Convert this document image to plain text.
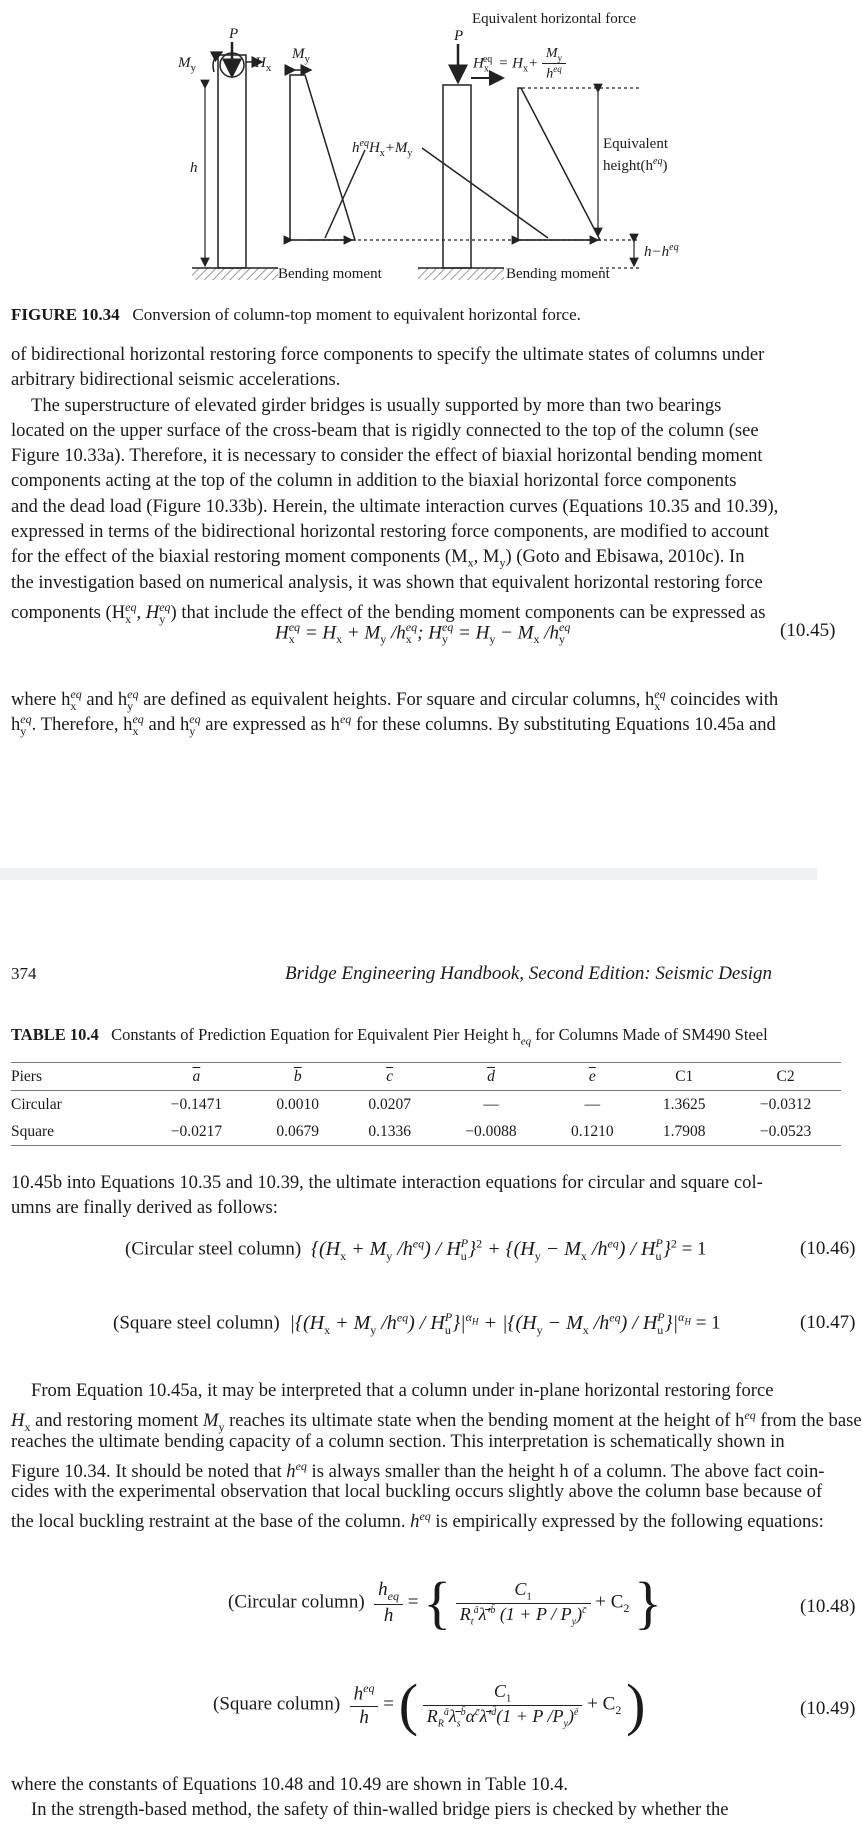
P
$M_y$	$H_x$
$M_y$
h
$h^{eq}H_x+M_y$
Bending moment
P
Equivalent horizontal force
$H_x^{eq} = H_x+ \frac{M_y}{h^{eq}}$
Equivalent
$height(h^{eq})$
$h-h^{eq}$
Bending moment
FIGURE 10.34 Conversion of column-top moment to equivalent horizontal force.
of bidirectional horizontal restoring force components to specify the ultimate states of columns under
arbitrary bidirectional seismic accelerations.
The superstructure of elevated girder bridges is usually supported by more than two bearings
located on the upper surface of the cross-beam that is rigidly connected to the top of the column (see
Figure 10.33a). Therefore, it is necessary to consider the effect of biaxial horizontal bending moment
components acting at the top of the column in addition to the biaxial horizontal force components
and the dead load (Figure 10.33b). Herein, the ultimate interaction curves (Equations 10.35 and 10.39),
expressed in terms of the bidirectional horizontal restoring force components, are modified to account
for the effect of the biaxial restoring moment components ($M_x$, $M_y$) (Goto and Ebisawa, 2010c). In
the investigation based on numerical analysis, it was shown that equivalent horizontal restoring force
components ($H_x^{eq}$, $H_y^{eq}$) that include the effect of the bending moment components can be expressed as
$H_x^{eq} = H_x + M_y$ $/h_x^{eq}$; $H_y^{eq} = H_y - M_x$ $/h_y^{eq}$	(10.45)
where $h_x^{eq}$ and $h_y^{eq}$ are defined as equivalent heights. For square and circular columns, $h_x^{eq}$ coincides with
$h_y^{eq}$. Therefore, $h_x^{eq}$ and $h_y^{eq}$ are expressed as $h^{eq}$ for these columns. By substituting Equations 10.45a and
374	Bridge Engineering Handbook, Second Edition: Seismic Design
TABLE 10.4 Constants of Prediction Equation for Equivalent Pier Height $h_{eq}$ for Columns Made of SM490 Steel
Piers	$\overline{a}$	$\overline{b}$	$\overline{c}$	$\overline{d}$	$\overline{e}$	C1	C2
Circular	−0.1471	0.0010	0.0207	—	—	1.3625	−0.0312
Square	−0.0217	0.0679	0.1336	−0.0088	0.1210	1.7908	−0.0523
10.45b into Equations 10.35 and 10.39, the ultimate interaction equations for circular and square col-
umns are finally derived as follows:
(Circular steel column)  {($H_x + M_y$ $/h^{eq}) / H_u^P\}^2 + \{(H_y - M_x$ $/h^{eq}) / H_u^P\}^2 = 1$	(10.46)
(Square steel column)  $|\{(H_x + M_y$ $/h^{eq}) / H_u^P\}|^{\alpha_H} + |\{(H_y - M_x$ $/h^{eq}) / H_u^P\}|^{\alpha_H} = 1$	(10.47)
From Equation 10.45a, it may be interpreted that a column under in-plane horizontal restoring force
$H_x$ and restoring moment $M_y$ reaches its ultimate state when the bending moment at the height of $h^{eq}$ from the base
reaches the ultimate bending capacity of a column section. This interpretation is schematically shown in
Figure 10.34. It should be noted that $h^{eq}$ is always smaller than the height h of a column. The above fact coin-
cides with the experimental observation that local buckling occurs slightly above the column base because of
the local buckling restraint at the base of the column. $h^{eq}$ is empirically expressed by the following equations:
(Circular column) $\frac{h_{eq}}{h}$ = { $\frac{C_1}{R_t^ā\lambdā'^{b̄} (1 + P / P_y)^{c̄}} + C_2$ }	(10.48)
(Square column) $\frac{h^{eq}}{h}$ = ( $\frac{C_1}{R_R^ā\lambdā_s^{b̄}\alpha^{c̄}\lambdā'^{d̄}(1 + P /P_y)^ē} + C_2$ )	(10.49)
where the constants of Equations 10.48 and 10.49 are shown in Table 10.4.
In the strength-based method, the safety of thin-walled bridge piers is checked by whether the
